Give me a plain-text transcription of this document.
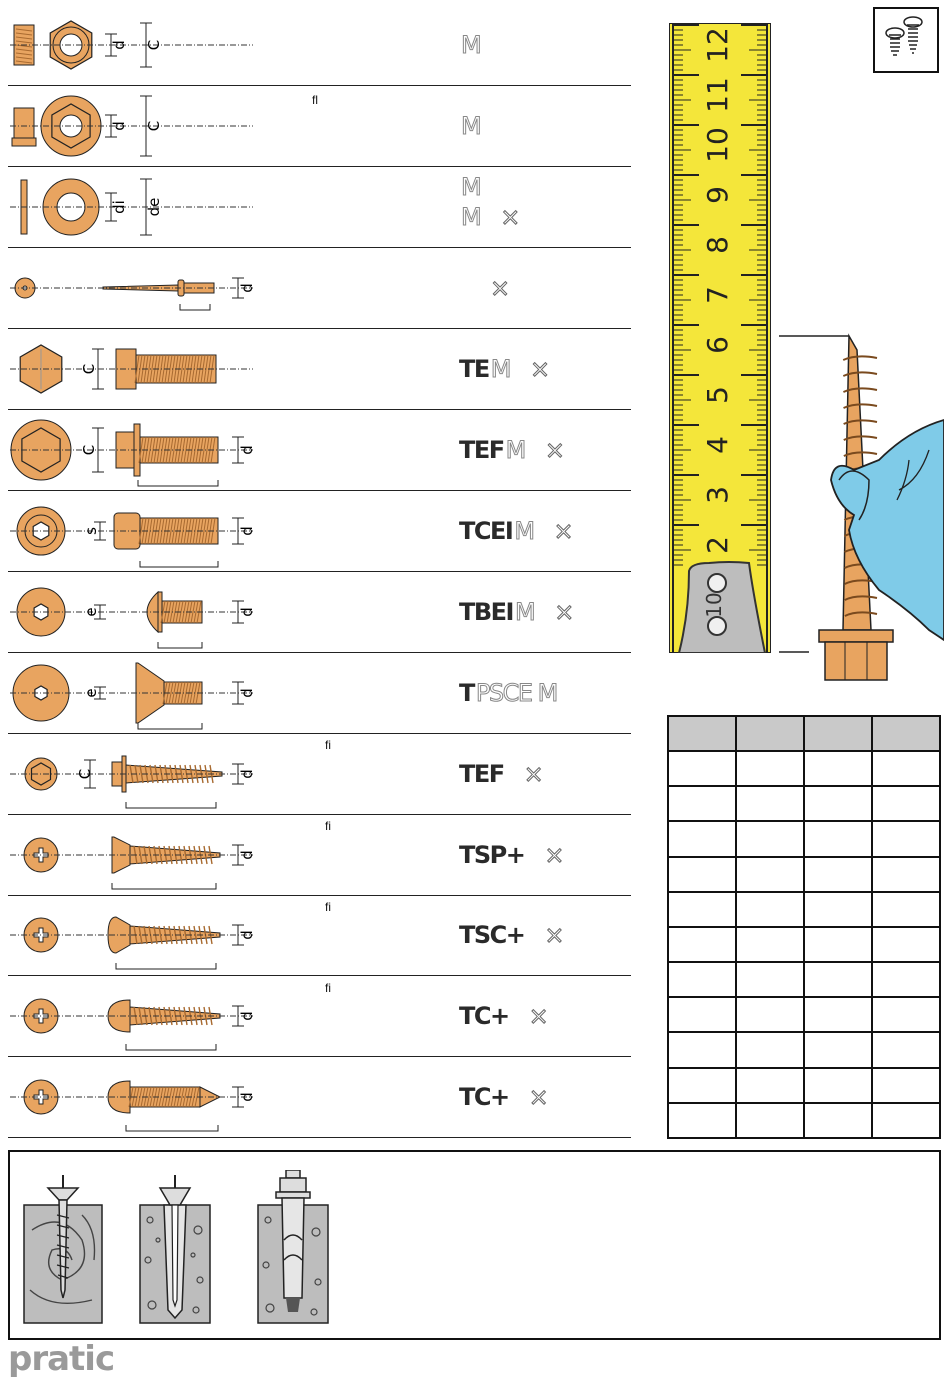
d C	M
d C	M
ﬂ
di de
M
M ×
d	×
C	TEM ×
C	d	TEFM ×
s	d	TCEIM ×
e	d	TBEIM ×
e	d	TPSCE M
C	d	TEF ×
ﬁ
d	TSP+ ×
ﬁ
d	TSC+ ×
ﬁ
d	TC+ ×
ﬁ
d	TC+ ×
12
11
10
9
8
7
6
5
4
3
2
10

pratic
